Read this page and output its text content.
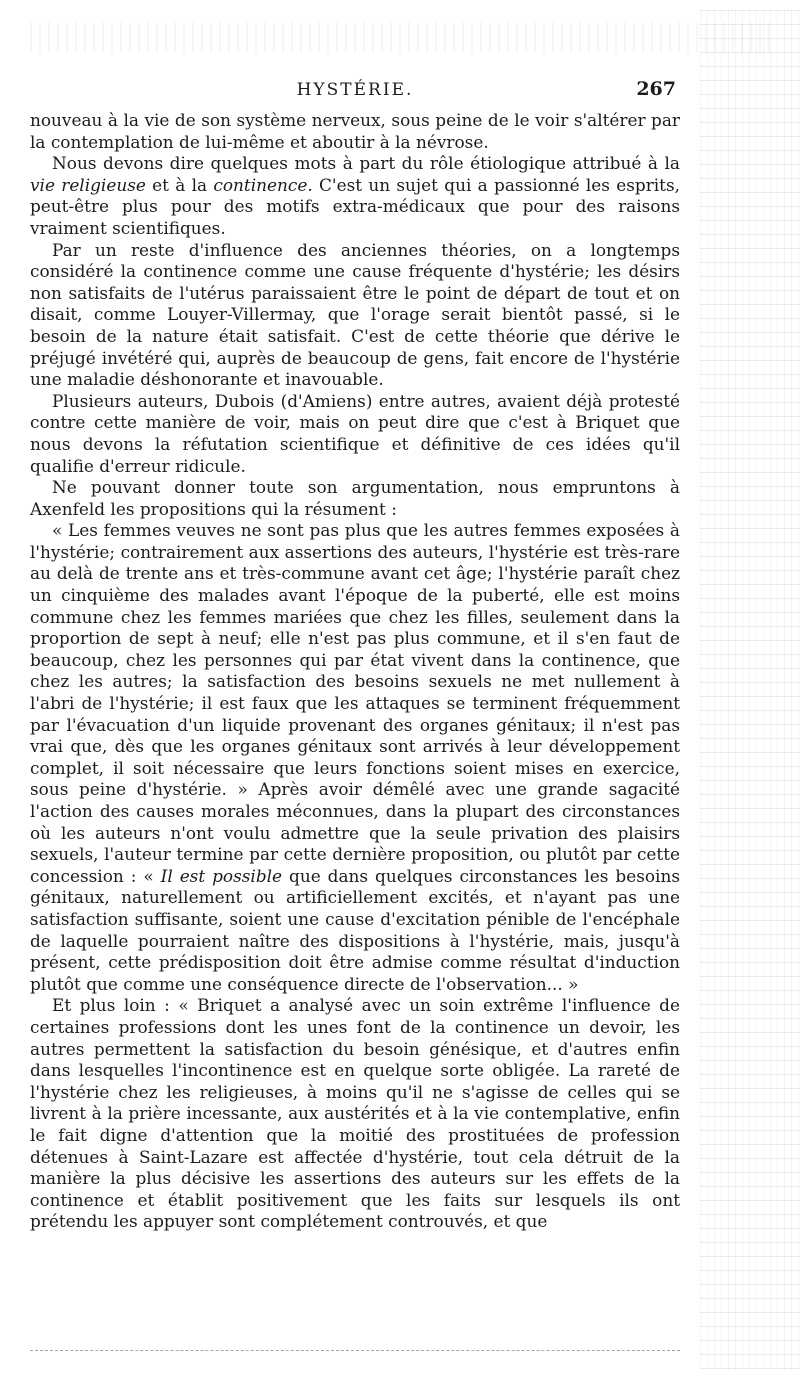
HYSTÉRIE.	267

nouveau à la vie de son système nerveux, sous peine de le voir s'altérer par la contemplation de lui-même et aboutir à la névrose.

Nous devons dire quelques mots à part du rôle étiologique attribué à la vie religieuse et à la continence. C'est un sujet qui a passionné les esprits, peut-être plus pour des motifs extra-médicaux que pour des raisons vraiment scientifiques.

Par un reste d'influence des anciennes théories, on a longtemps considéré la continence comme une cause fréquente d'hystérie; les désirs non satisfaits de l'utérus paraissaient être le point de départ de tout et on disait, comme Louyer-Villermay, que l'orage serait bientôt passé, si le besoin de la nature était satisfait. C'est de cette théorie que dérive le préjugé invétéré qui, auprès de beaucoup de gens, fait encore de l'hystérie une maladie déshonorante et inavouable.

Plusieurs auteurs, Dubois (d'Amiens) entre autres, avaient déjà protesté contre cette manière de voir, mais on peut dire que c'est à Briquet que nous devons la réfutation scientifique et définitive de ces idées qu'il qualifie d'erreur ridicule.

Ne pouvant donner toute son argumentation, nous empruntons à Axenfeld les propositions qui la résument :

« Les femmes veuves ne sont pas plus que les autres femmes exposées à l'hystérie; contrairement aux assertions des auteurs, l'hystérie est très-rare au delà de trente ans et très-commune avant cet âge; l'hystérie paraît chez un cinquième des malades avant l'époque de la puberté, elle est moins commune chez les femmes mariées que chez les filles, seulement dans la proportion de sept à neuf; elle n'est pas plus commune, et il s'en faut de beaucoup, chez les personnes qui par état vivent dans la continence, que chez les autres; la satisfaction des besoins sexuels ne met nullement à l'abri de l'hystérie; il est faux que les attaques se terminent fréquemment par l'évacuation d'un liquide provenant des organes génitaux; il n'est pas vrai que, dès que les organes génitaux sont arrivés à leur développement complet, il soit nécessaire que leurs fonctions soient mises en exercice, sous peine d'hystérie. » Après avoir démêlé avec une grande sagacité l'action des causes morales méconnues, dans la plupart des circonstances où les auteurs n'ont voulu admettre que la seule privation des plaisirs sexuels, l'auteur termine par cette dernière proposition, ou plutôt par cette concession : « Il est possible que dans quelques circonstances les besoins génitaux, naturellement ou artificiellement excités, et n'ayant pas une satisfaction suffisante, soient une cause d'excitation pénible de l'encéphale de laquelle pourraient naître des dispositions à l'hystérie, mais, jusqu'à présent, cette prédisposition doit être admise comme résultat d'induction plutôt que comme une conséquence directe de l'observation... »

Et plus loin : « Briquet a analysé avec un soin extrême l'influence de certaines professions dont les unes font de la continence un devoir, les autres permettent la satisfaction du besoin génésique, et d'autres enfin dans lesquelles l'incontinence est en quelque sorte obligée. La rareté de l'hystérie chez les religieuses, à moins qu'il ne s'agisse de celles qui se livrent à la prière incessante, aux austérités et à la vie contemplative, enfin le fait digne d'attention que la moitié des prostituées de profession détenues à Saint-Lazare est affectée d'hystérie, tout cela détruit de la manière la plus décisive les assertions des auteurs sur les effets de la continence et établit positivement que les faits sur lesquels ils ont prétendu les appuyer sont complétement controuvés, et que
